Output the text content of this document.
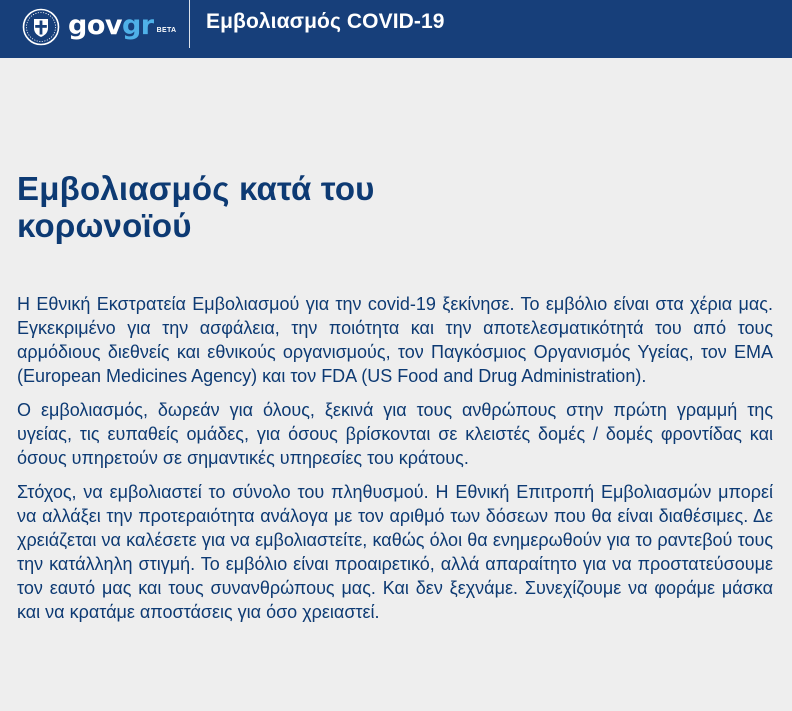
gov gr BETA Εμβολιασμός COVID-19
Εμβολιασμός κατά του κορωνοϊού

Η Εθνική Εκστρατεία Εμβολιασμού για την covid-19 ξεκίνησε. Το εμβόλιο είναι στα χέρια μας. Εγκεκριμένο για την ασφάλεια, την ποιότητα και την αποτελεσματικότητά του από τους αρμόδιους διεθνείς και εθνικούς οργανισμούς, τον Παγκόσμιος Οργανισμός Υγείας, τον EMA (European Medicines Agency) και τον FDA (US Food and Drug Administration).

Ο εμβολιασμός, δωρεάν για όλους, ξεκινά για τους ανθρώπους στην πρώτη γραμμή της υγείας, τις ευπαθείς ομάδες, για όσους βρίσκονται σε κλειστές δομές / δομές φροντίδας και όσους υπηρετούν σε σημαντικές υπηρεσίες του κράτους.

Στόχος, να εμβολιαστεί το σύνολο του πληθυσμού. Η Εθνική Επιτροπή Εμβολιασμών μπορεί να αλλάξει την προτεραιότητα ανάλογα με τον αριθμό των δόσεων που θα είναι διαθέσιμες. Δε χρειάζεται να καλέσετε για να εμβολιαστείτε, καθώς όλοι θα ενημερωθούν για το ραντεβού τους την κατάλληλη στιγμή. Το εμβόλιο είναι προαιρετικό, αλλά απαραίτητο για να προστατεύσουμε τον εαυτό μας και τους συνανθρώπους μας. Και δεν ξεχνάμε. Συνεχίζουμε να φοράμε μάσκα και να κρατάμε αποστάσεις για όσο χρειαστεί.
